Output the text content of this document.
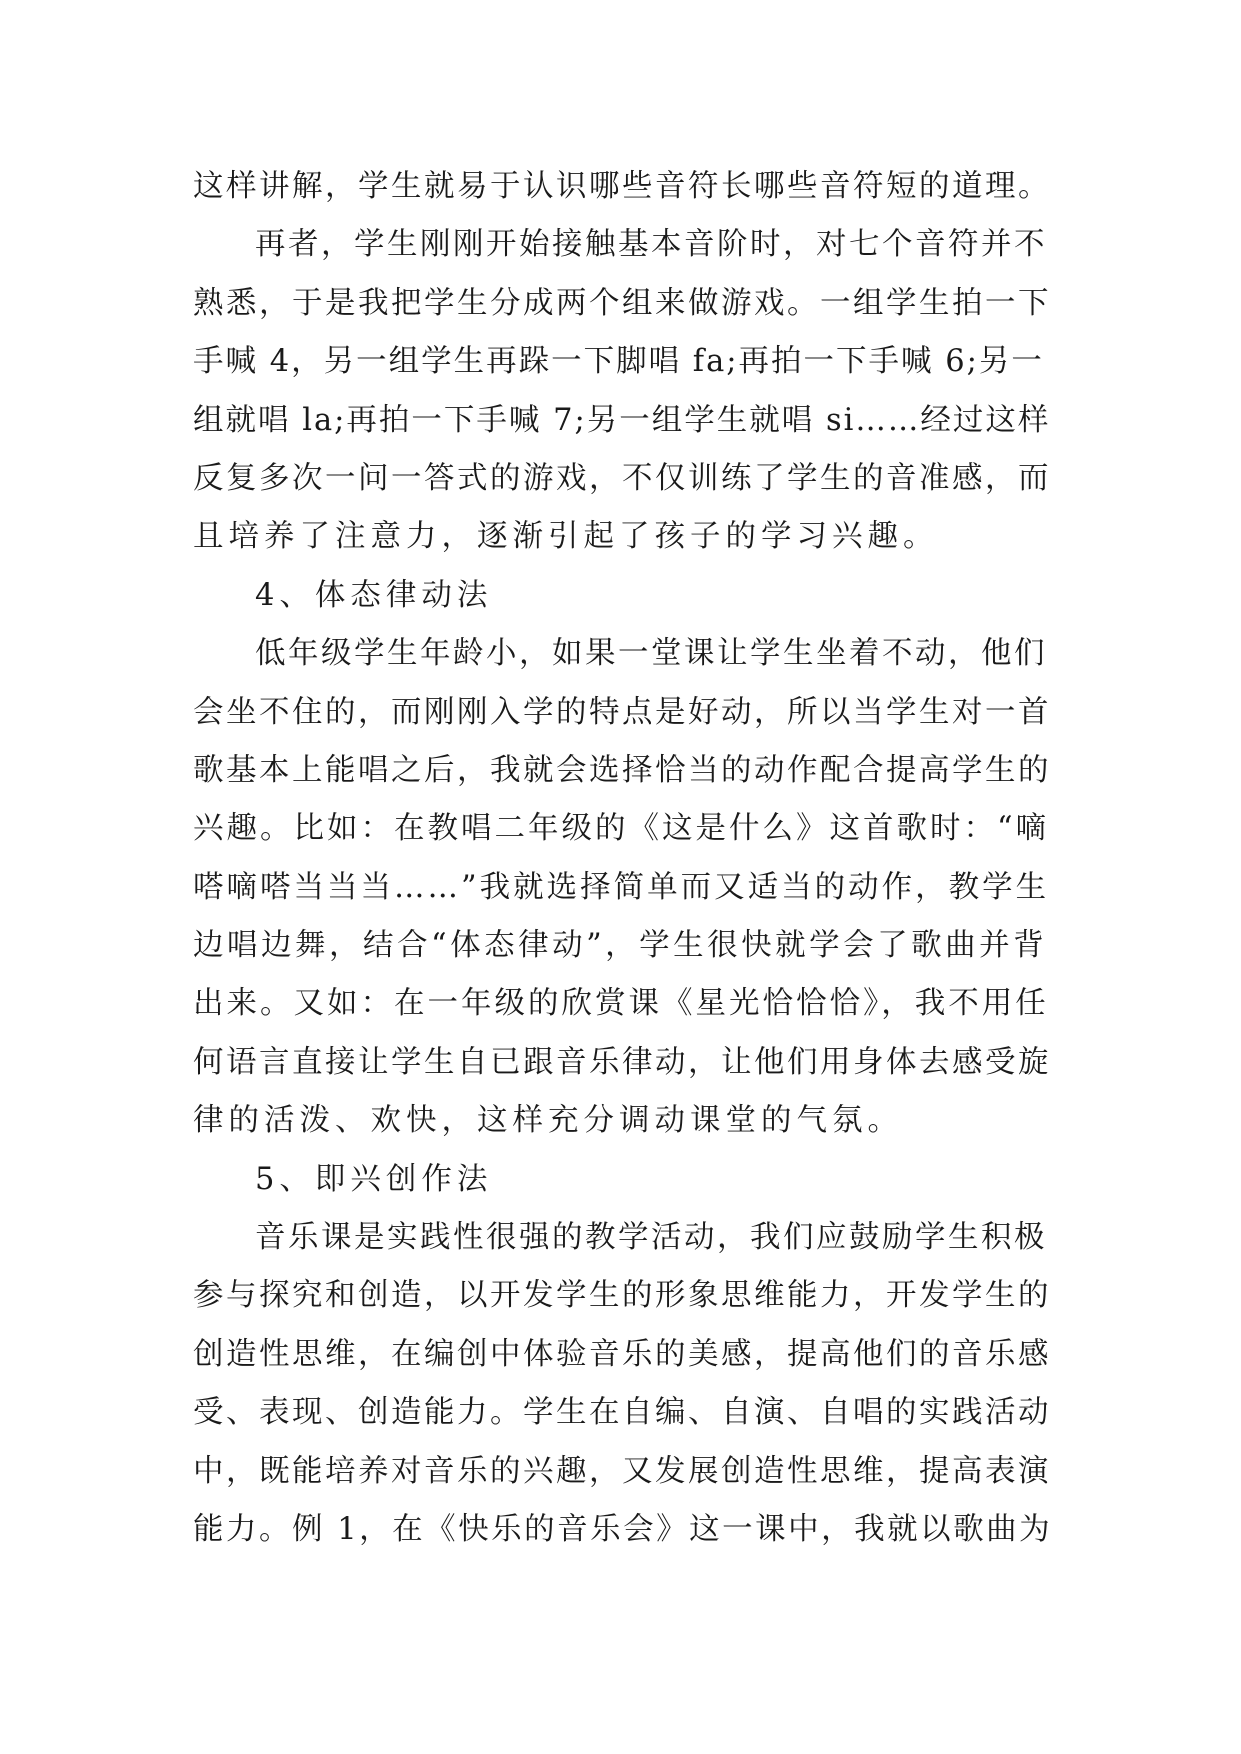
这样讲解，学生就易于认识哪些音符长哪些音符短的道理。
再者，学生刚刚开始接触基本音阶时，对七个音符并不
熟悉，于是我把学生分成两个组来做游戏。一组学生拍一下
手喊 4，另一组学生再跺一下脚唱 fa;再拍一下手喊 6;另一
组就唱 la;再拍一下手喊 7;另一组学生就唱 si……经过这样
反复多次一问一答式的游戏，不仅训练了学生的音准感，而
且培养了注意力，逐渐引起了孩子的学习兴趣。
4、体态律动法
低年级学生年龄小，如果一堂课让学生坐着不动，他们
会坐不住的，而刚刚入学的特点是好动，所以当学生对一首
歌基本上能唱之后，我就会选择恰当的动作配合提高学生的
兴趣。比如：在教唱二年级的《这是什么》这首歌时：“嘀
嗒嘀嗒当当当……”我就选择简单而又适当的动作，教学生
边唱边舞，结合“体态律动”，学生很快就学会了歌曲并背
出来。又如：在一年级的欣赏课《星光恰恰恰》，我不用任
何语言直接让学生自已跟音乐律动，让他们用身体去感受旋
律的活泼、欢快，这样充分调动课堂的气氛。
5、即兴创作法
音乐课是实践性很强的教学活动，我们应鼓励学生积极
参与探究和创造，以开发学生的形象思维能力，开发学生的
创造性思维，在编创中体验音乐的美感，提高他们的音乐感
受、表现、创造能力。学生在自编、自演、自唱的实践活动
中，既能培养对音乐的兴趣，又发展创造性思维，提高表演
能力。例 1，在《快乐的音乐会》这一课中，我就以歌曲为
